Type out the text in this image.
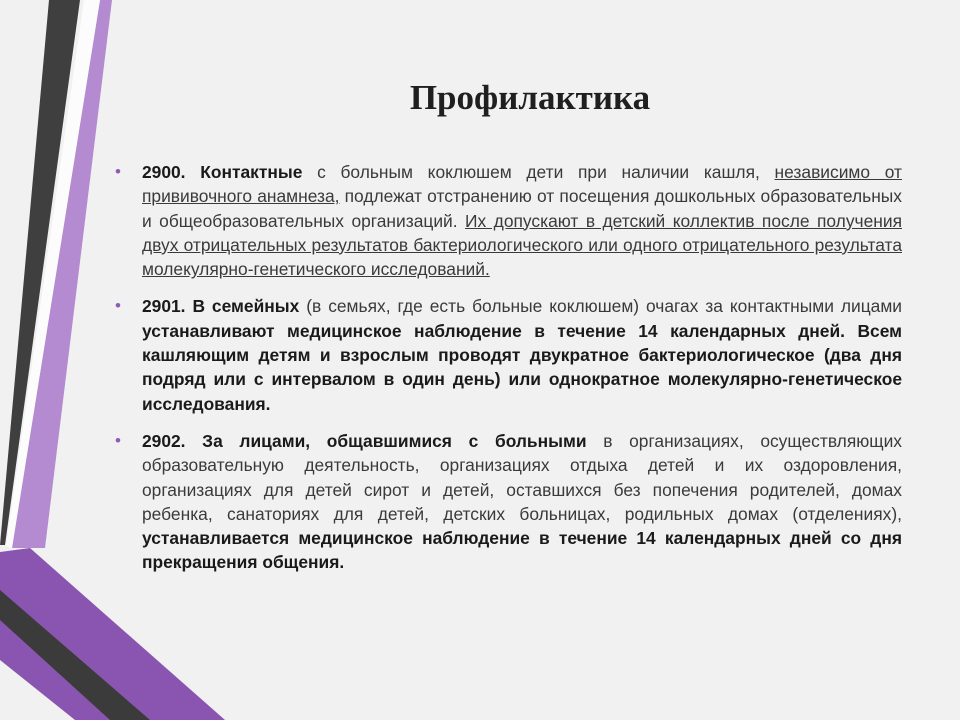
Профилактика
• 2900. Контактные с больным коклюшем дети при наличии кашля, независимо от прививочного анамнеза, подлежат отстранению от посещения дошкольных образовательных и общеобразовательных организаций. Их допускают в детский коллектив после получения двух отрицательных результатов бактериологического или одного отрицательного результата молекулярно-генетического исследований.
• 2901. В семейных (в семьях, где есть больные коклюшем) очагах за контактными лицами устанавливают медицинское наблюдение в течение 14 календарных дней. Всем кашляющим детям и взрослым проводят двукратное бактериологическое (два дня подряд или с интервалом в один день) или однократное молекулярно-генетическое исследования.
• 2902. За лицами, общавшимися с больными в организациях, осуществляющих образовательную деятельность, организациях отдыха детей и их оздоровления, организациях для детей сирот и детей, оставшихся без попечения родителей, домах ребенка, санаториях для детей, детских больницах, родильных домах (отделениях), устанавливается медицинское наблюдение в течение 14 календарных дней со дня прекращения общения.
